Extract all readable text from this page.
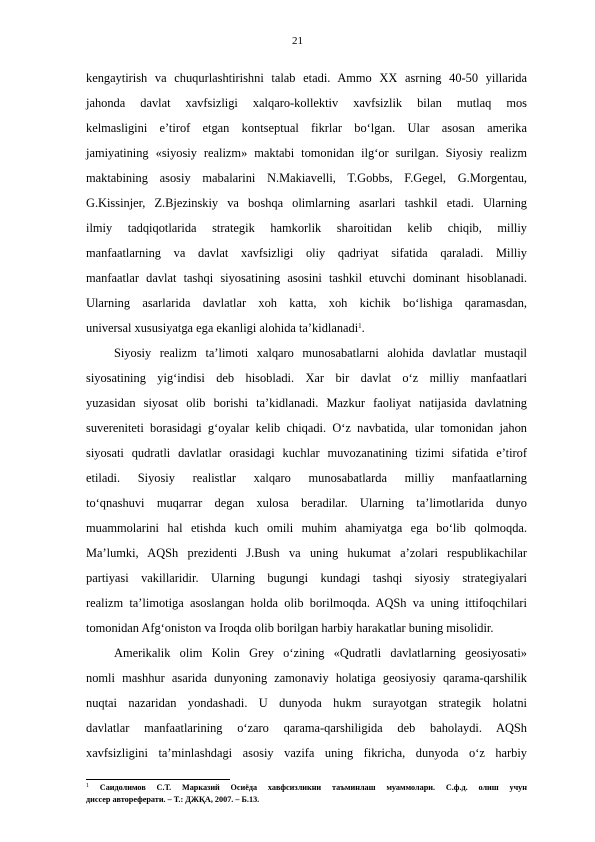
21
kengaytirish va chuqurlashtirishni talab etadi. Ammo XX asrning 40-50 yillarida
jahonda davlat xavfsizligi xalqaro-kollektiv xavfsizlik bilan mutlaq mos
kelmasligini e’tirof etgan kontseptual fikrlar bo‘lgan. Ular asosan amerika
jamiyatining «siyosiy realizm» maktabi tomonidan ilg‘or surilgan. Siyosiy realizm
maktabining asosiy mabalarini N.Makiavelli, T.Gobbs, F.Gegel, G.Morgentau,
G.Kissinjer, Z.Bjezinskiy va boshqa olimlarning asarlari tashkil etadi. Ularning
ilmiy tadqiqotlarida strategik hamkorlik sharoitidan kelib chiqib, milliy
manfaatlarning va davlat xavfsizligi oliy qadriyat sifatida qaraladi. Milliy
manfaatlar davlat tashqi siyosatining asosini tashkil etuvchi dominant hisoblanadi.
Ularning asarlarida davlatlar xoh katta, xoh kichik bo‘lishiga qaramasdan,
universal xususiyatga ega ekanligi alohida ta’kidlanadi$^1$.
Siyosiy realizm ta’limoti xalqaro munosabatlarni alohida davlatlar mustaqil
siyosatining yig‘indisi deb hisobladi. Xar bir davlat o‘z milliy manfaatlari
yuzasidan siyosat olib borishi ta’kidlanadi. Mazkur faoliyat natijasida davlatning
suvereniteti borasidagi g‘oyalar kelib chiqadi. O‘z navbatida, ular tomonidan jahon
siyosati qudratli davlatlar orasidagi kuchlar muvozanatining tizimi sifatida e’tirof
etiladi. Siyosiy realistlar xalqaro munosabatlarda milliy manfaatlarning
to‘qnashuvi muqarrar degan xulosa beradilar. Ularning ta’limotlarida dunyo
muammolarini hal etishda kuch omili muhim ahamiyatga ega bo‘lib qolmoqda.
Ma’lumki, AQSh prezidenti J.Bush va uning hukumat a’zolari respublikachilar
partiyasi vakillaridir. Ularning bugungi kundagi tashqi siyosiy strategiyalari
realizm ta’limotiga asoslangan holda olib borilmoqda. AQSh va uning ittifoqchilari
tomonidan Afg‘oniston va Iroqda olib borilgan harbiy harakatlar buning misolidir.
Amerikalik olim Kolin Grey o‘zining «Qudratli davlatlarning geosiyosati»
nomli mashhur asarida dunyoning zamonaviy holatiga geosiyosiy qarama-qarshilik
nuqtai nazaridan yondashadi. U dunyoda hukm surayotgan strategik holatni
davlatlar manfaatlarining o‘zaro qarama-qarshiligida deb baholaydi. AQSh
xavfsizligini ta’minlashdagi asosiy vazifa uning fikricha, dunyoda o‘z harbiy
$^1$ Саидолимов С.Т. Марказий Осиёда хавфсизликни таъминлаш муаммолари. С.ф.д. олиш учун
диссер автореферати. – Т.: ДЖҚА, 2007. – Б.13.
